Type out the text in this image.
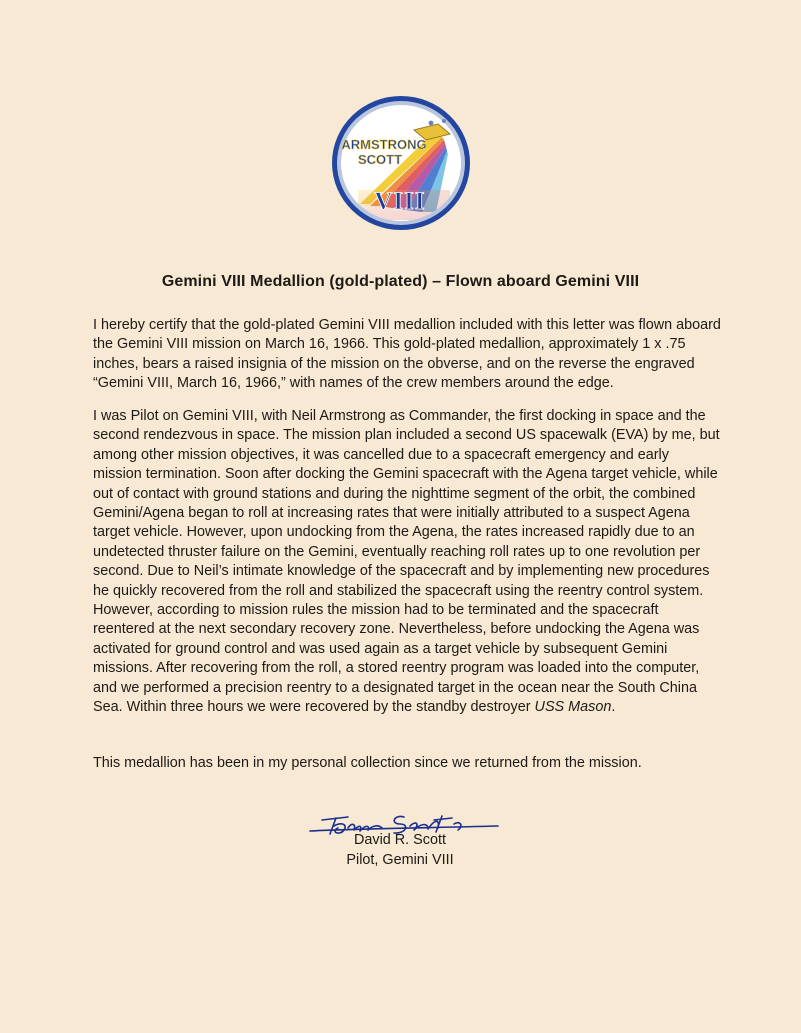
ARMSTRONG
SCOTT
VIII
Gemini VIII Medallion (gold-plated) – Flown aboard Gemini VIII

I hereby certify that the gold-plated Gemini VIII medallion included with this letter was flown aboard the Gemini VIII mission on March 16, 1966. This gold-plated medallion, approximately 1 x .75 inches, bears a raised insignia of the mission on the obverse, and on the reverse the engraved “Gemini VIII, March 16, 1966,” with names of the crew members around the edge.

I was Pilot on Gemini VIII, with Neil Armstrong as Commander, the first docking in space and the second rendezvous in space. The mission plan included a second US spacewalk (EVA) by me, but among other mission objectives, it was cancelled due to a spacecraft emergency and early mission termination. Soon after docking the Gemini spacecraft with the Agena target vehicle, while out of contact with ground stations and during the nighttime segment of the orbit, the combined Gemini/Agena began to roll at increasing rates that were initially attributed to a suspect Agena target vehicle. However, upon undocking from the Agena, the rates increased rapidly due to an undetected thruster failure on the Gemini, eventually reaching roll rates up to one revolution per second. Due to Neil’s intimate knowledge of the spacecraft and by implementing new procedures he quickly recovered from the roll and stabilized the spacecraft using the reentry control system. However, according to mission rules the mission had to be terminated and the spacecraft reentered at the next secondary recovery zone. Nevertheless, before undocking the Agena was activated for ground control and was used again as a target vehicle by subsequent Gemini missions. After recovering from the roll, a stored reentry program was loaded into the computer, and we performed a precision reentry to a designated target in the ocean near the South China Sea. Within three hours we were recovered by the standby destroyer USS Mason.

This medallion has been in my personal collection since we returned from the mission.

David R. Scott
Pilot, Gemini VIII
